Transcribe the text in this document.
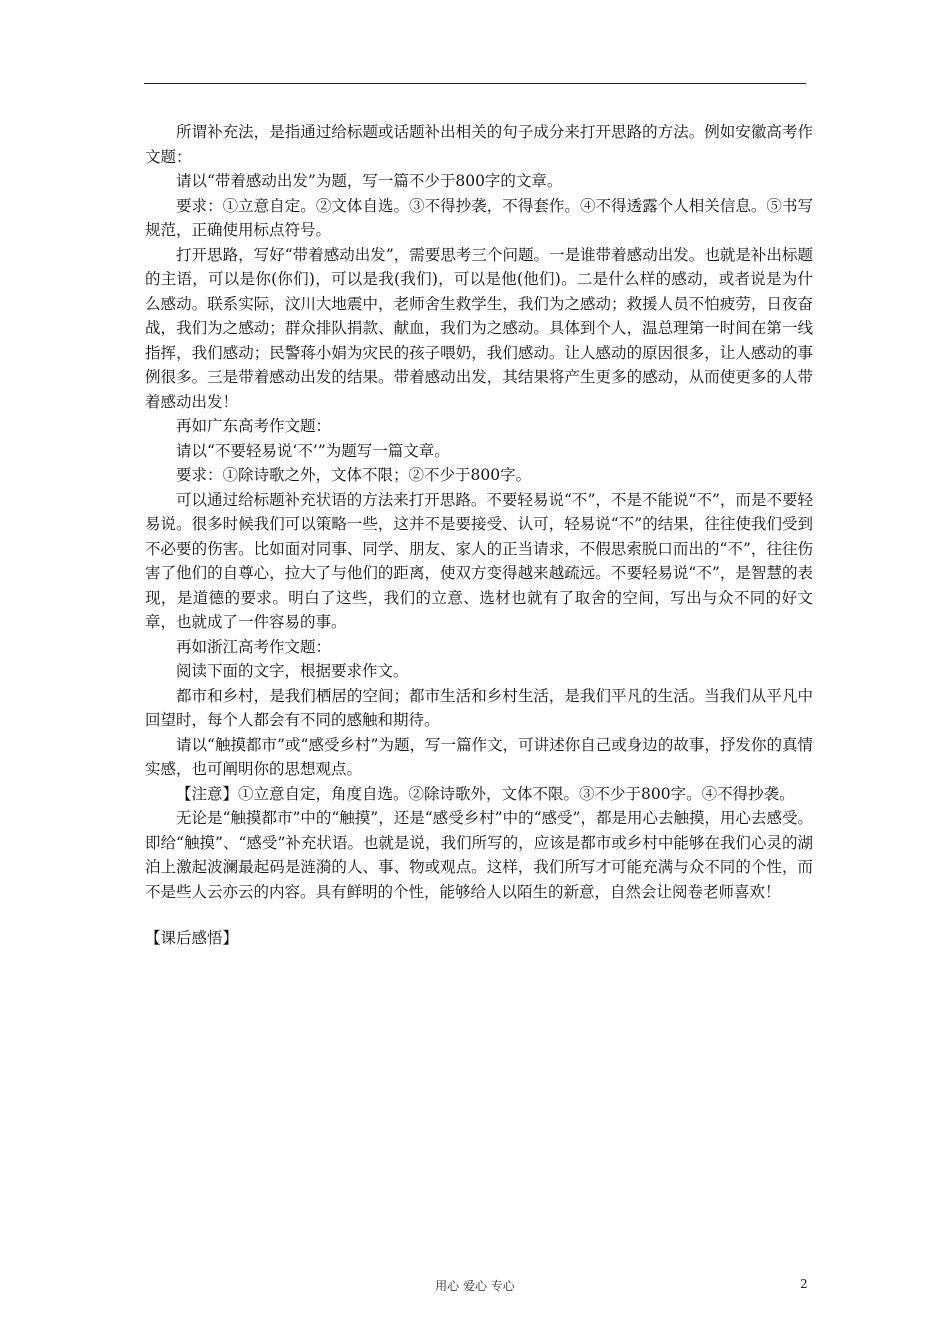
所谓补充法，是指通过给标题或话题补出相关的句子成分来打开思路的方法。例如安徽高考作文题：

请以“带着感动出发”为题，写一篇不少于800字的文章。

要求：①立意自定。②文体自选。③不得抄袭，不得套作。④不得透露个人相关信息。⑤书写规范，正确使用标点符号。

打开思路，写好“带着感动出发”，需要思考三个问题。一是谁带着感动出发。也就是补出标题的主语，可以是你(你们)，可以是我(我们)，可以是他(他们)。二是什么样的感动，或者说是为什么感动。联系实际，汶川大地震中，老师舍生救学生，我们为之感动；救援人员不怕疲劳，日夜奋战，我们为之感动；群众排队捐款、献血，我们为之感动。具体到个人，温总理第一时间在第一线指挥，我们感动；民警蒋小娟为灾民的孩子喂奶，我们感动。让人感动的原因很多，让人感动的事例很多。三是带着感动出发的结果。带着感动出发，其结果将产生更多的感动，从而使更多的人带着感动出发！

再如广东高考作文题：

请以“不要轻易说‘不’”为题写一篇文章。

要求：①除诗歌之外，文体不限；②不少于800字。

可以通过给标题补充状语的方法来打开思路。不要轻易说“不”，不是不能说“不”，而是不要轻易说。很多时候我们可以策略一些，这并不是要接受、认可，轻易说“不”的结果，往往使我们受到不必要的伤害。比如面对同事、同学、朋友、家人的正当请求，不假思索脱口而出的“不”，往往伤害了他们的自尊心，拉大了与他们的距离，使双方变得越来越疏远。不要轻易说“不”，是智慧的表现，是道德的要求。明白了这些，我们的立意、选材也就有了取舍的空间，写出与众不同的好文章，也就成了一件容易的事。

再如浙江高考作文题：

阅读下面的文字，根据要求作文。

都市和乡村，是我们栖居的空间；都市生活和乡村生活，是我们平凡的生活。当我们从平凡中回望时，每个人都会有不同的感触和期待。

请以“触摸都市”或“感受乡村”为题，写一篇作文，可讲述你自己或身边的故事，抒发你的真情实感，也可阐明你的思想观点。

【注意】①立意自定，角度自选。②除诗歌外，文体不限。③不少于800字。④不得抄袭。

无论是“触摸都市”中的“触摸”，还是“感受乡村”中的“感受”，都是用心去触摸，用心去感受。即给“触摸”、“感受”补充状语。也就是说，我们所写的，应该是都市或乡村中能够在我们心灵的湖泊上激起波澜最起码是涟漪的人、事、物或观点。这样，我们所写才可能充满与众不同的个性，而不是些人云亦云的内容。具有鲜明的个性，能够给人以陌生的新意，自然会让阅卷老师喜欢！

【课后感悟】

用心 爱心 专心	2
